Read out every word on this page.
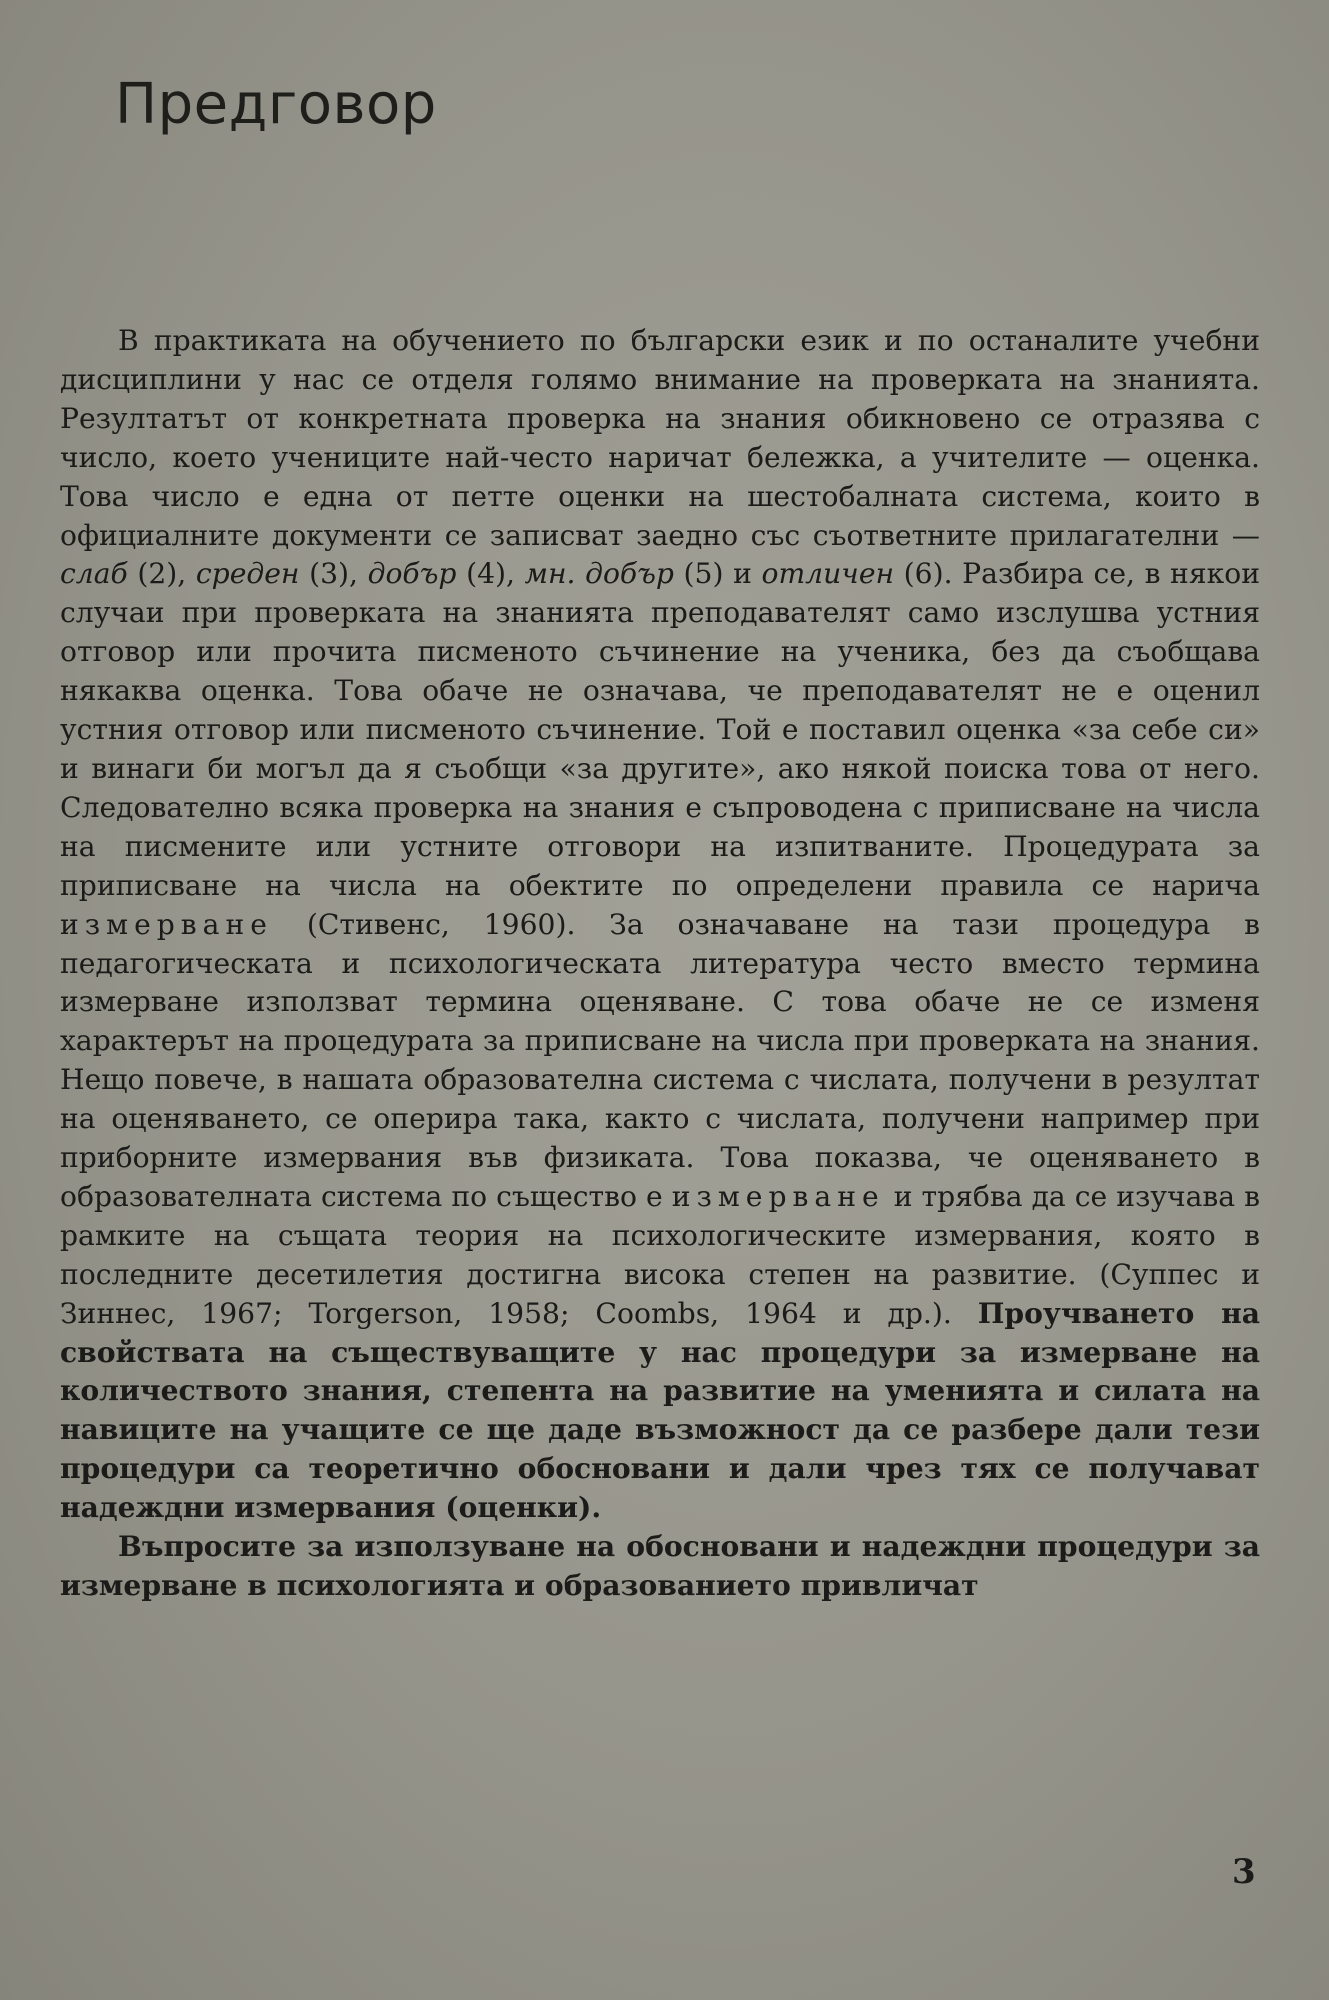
Предговор

В практиката на обучението по български език и по останалите учебни дисциплини у нас се отделя голямо внимание на проверката на знанията. Резултатът от конкретната проверка на знания обикновено се отразява с число, което учениците най-често наричат бележка, а учителите — оценка. Това число е една от петте оценки на шестобалната система, които в официалните документи се записват заедно със съответните прилагателни — слаб (2), среден (3), добър (4), мн. добър (5) и отличен (6). Разбира се, в някои случаи при проверката на знанията преподавателят само изслушва устния отговор или прочита писменото съчинение на ученика, без да съобщава някаква оценка. Това обаче не означава, че преподавателят не е оценил устния отговор или писменото съчинение. Той е поставил оценка «за себе си» и винаги би могъл да я съобщи «за другите», ако някой поиска това от него. Следователно всяка проверка на знания е съпроводена с приписване на числа на писмените или устните отговори на изпитваните. Процедурата за приписване на числа на обектите по определени правила се нарича измерване (Стивенс, 1960). За означаване на тази процедура в педагогическата и психологическата литература често вместо термина измерване използват термина оценяване. С това обаче не се изменя характерът на процедурата за приписване на числа при проверката на знания. Нещо повече, в нашата образователна система с числата, получени в резултат на оценяването, се оперира така, както с числата, получени например при приборните измервания във физиката. Това показва, че оценяването в образователната система по същество е измерване и трябва да се изучава в рамките на същата теория на психологическите измервания, която в последните десетилетия достигна висока степен на развитие. (Суппес и Зиннес, 1967; Torgerson, 1958; Coombs, 1964 и др.). Проучването на свойствата на съществуващите у нас процедури за измерване на количеството знания, степента на развитие на уменията и силата на навиците на учащите се ще даде възможност да се разбере дали тези процедури са теоретично обосновани и дали чрез тях се получават надеждни измервания (оценки).

Въпросите за използуване на обосновани и надеждни процедури за измерване в психологията и образованието привличат

3
